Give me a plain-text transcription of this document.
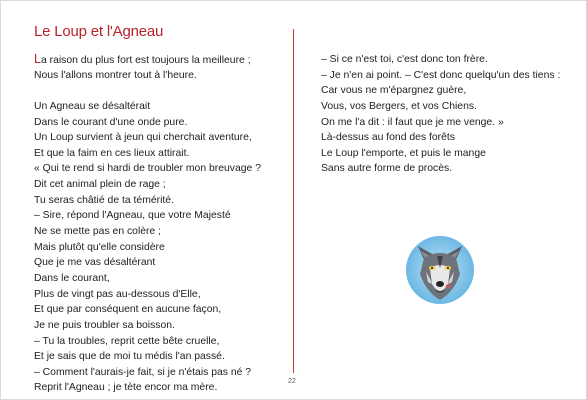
Le Loup et l'Agneau
La raison du plus fort est toujours la meilleure ;
Nous l'allons montrer tout à l'heure.
Un Agneau se désaltérait
Dans le courant d'une onde pure.
Un Loup survient à jeun qui cherchait aventure,
Et que la faim en ces lieux attirait.
« Qui te rend si hardi de troubler mon breuvage ?
Dit cet animal plein de rage ;
Tu seras châtié de ta témérité.
– Sire, répond l'Agneau, que votre Majesté
Ne se mette pas en colère ;
Mais plutôt qu'elle considère
Que je me vas désaltérant
Dans le courant,
Plus de vingt pas au-dessous d'Elle,
Et que par conséquent en aucune façon,
Je ne puis troubler sa boisson.
– Tu la troubles, reprit cette bête cruelle,
Et je sais que de moi tu médis l'an passé.
– Comment l'aurais-je fait, si je n'étais pas né ?
Reprit l'Agneau ; je tète encor ma mère.
– Si ce n'est toi, c'est donc ton frère.
– Je n'en ai point. – C'est donc quelqu'un des tiens :
Car vous ne m'épargnez guère,
Vous, vos Bergers, et vos Chiens.
On me l'a dit : il faut que je me venge. »
Là-dessus au fond des forêts
Le Loup l'emporte, et puis le mange
Sans autre forme de procès.
22
